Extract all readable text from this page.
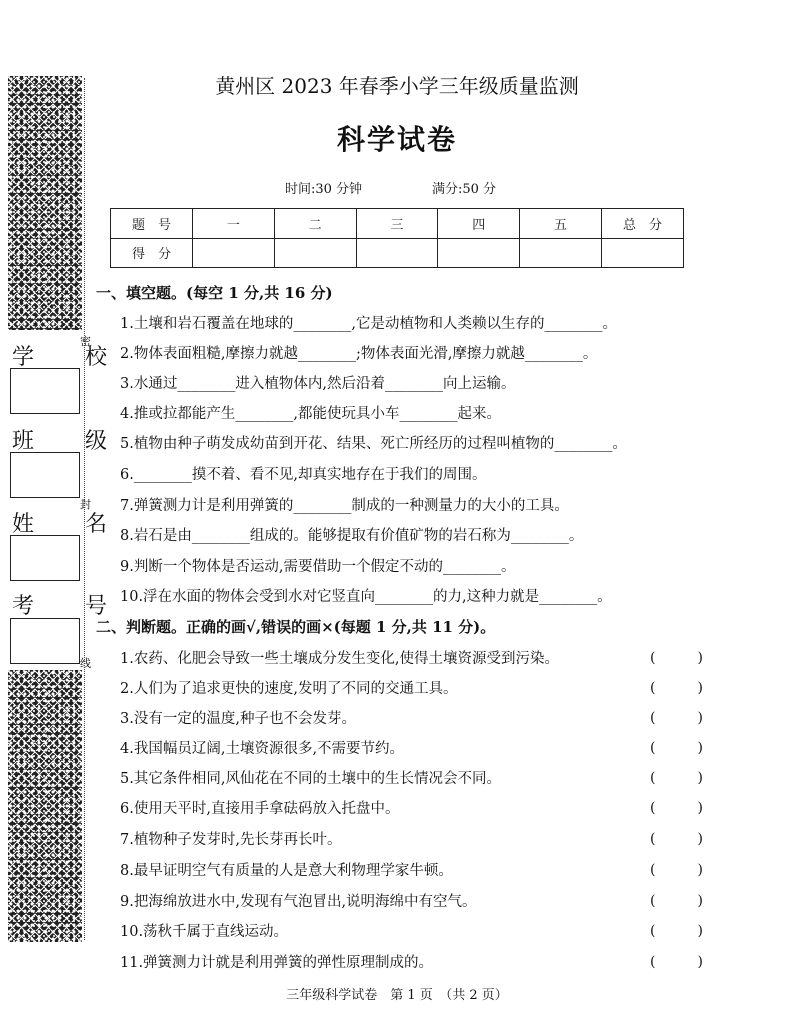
学 校
班 级
姓 名
考 号
密
封
线
黄州区 2023 年春季小学三年级质量监测
科学试卷
时间:30 分钟	满分:50 分
题　号	一	二	三	四	五	总　分
得　分						
一、填空题。(每空 1 分,共 16 分)
1.土壤和岩石覆盖在地球的________,它是动植物和人类赖以生存的________。
2.物体表面粗糙,摩擦力就越________;物体表面光滑,摩擦力就越________。
3.水通过________进入植物体内,然后沿着________向上运输。
4.推或拉都能产生________,都能使玩具小车________起来。
5.植物由种子萌发成幼苗到开花、结果、死亡所经历的过程叫植物的________。
6.________摸不着、看不见,却真实地存在于我们的周围。
7.弹簧测力计是利用弹簧的________制成的一种测量力的大小的工具。
8.岩石是由________组成的。能够提取有价值矿物的岩石称为________。
9.判断一个物体是否运动,需要借助一个假定不动的________。
10.浮在水面的物体会受到水对它竖直向________的力,这种力就是________。
二、判断题。正确的画√,错误的画×(每题 1 分,共 11 分)。
1.农药、化肥会导致一些土壤成分发生变化,使得土壤资源受到污染。	(　　　)
2.人们为了追求更快的速度,发明了不同的交通工具。	(　　　)
3.没有一定的温度,种子也不会发芽。	(　　　)
4.我国幅员辽阔,土壤资源很多,不需要节约。	(　　　)
5.其它条件相同,风仙花在不同的土壤中的生长情况会不同。	(　　　)
6.使用天平时,直接用手拿砝码放入托盘中。	(　　　)
7.植物种子发芽时,先长芽再长叶。	(　　　)
8.最早证明空气有质量的人是意大利物理学家牛顿。	(　　　)
9.把海绵放进水中,发现有气泡冒出,说明海绵中有空气。	(　　　)
10.荡秋千属于直线运动。	(　　　)
11.弹簧测力计就是利用弹簧的弹性原理制成的。	(　　　)
三年级科学试卷　第 1 页　（共 2 页）
